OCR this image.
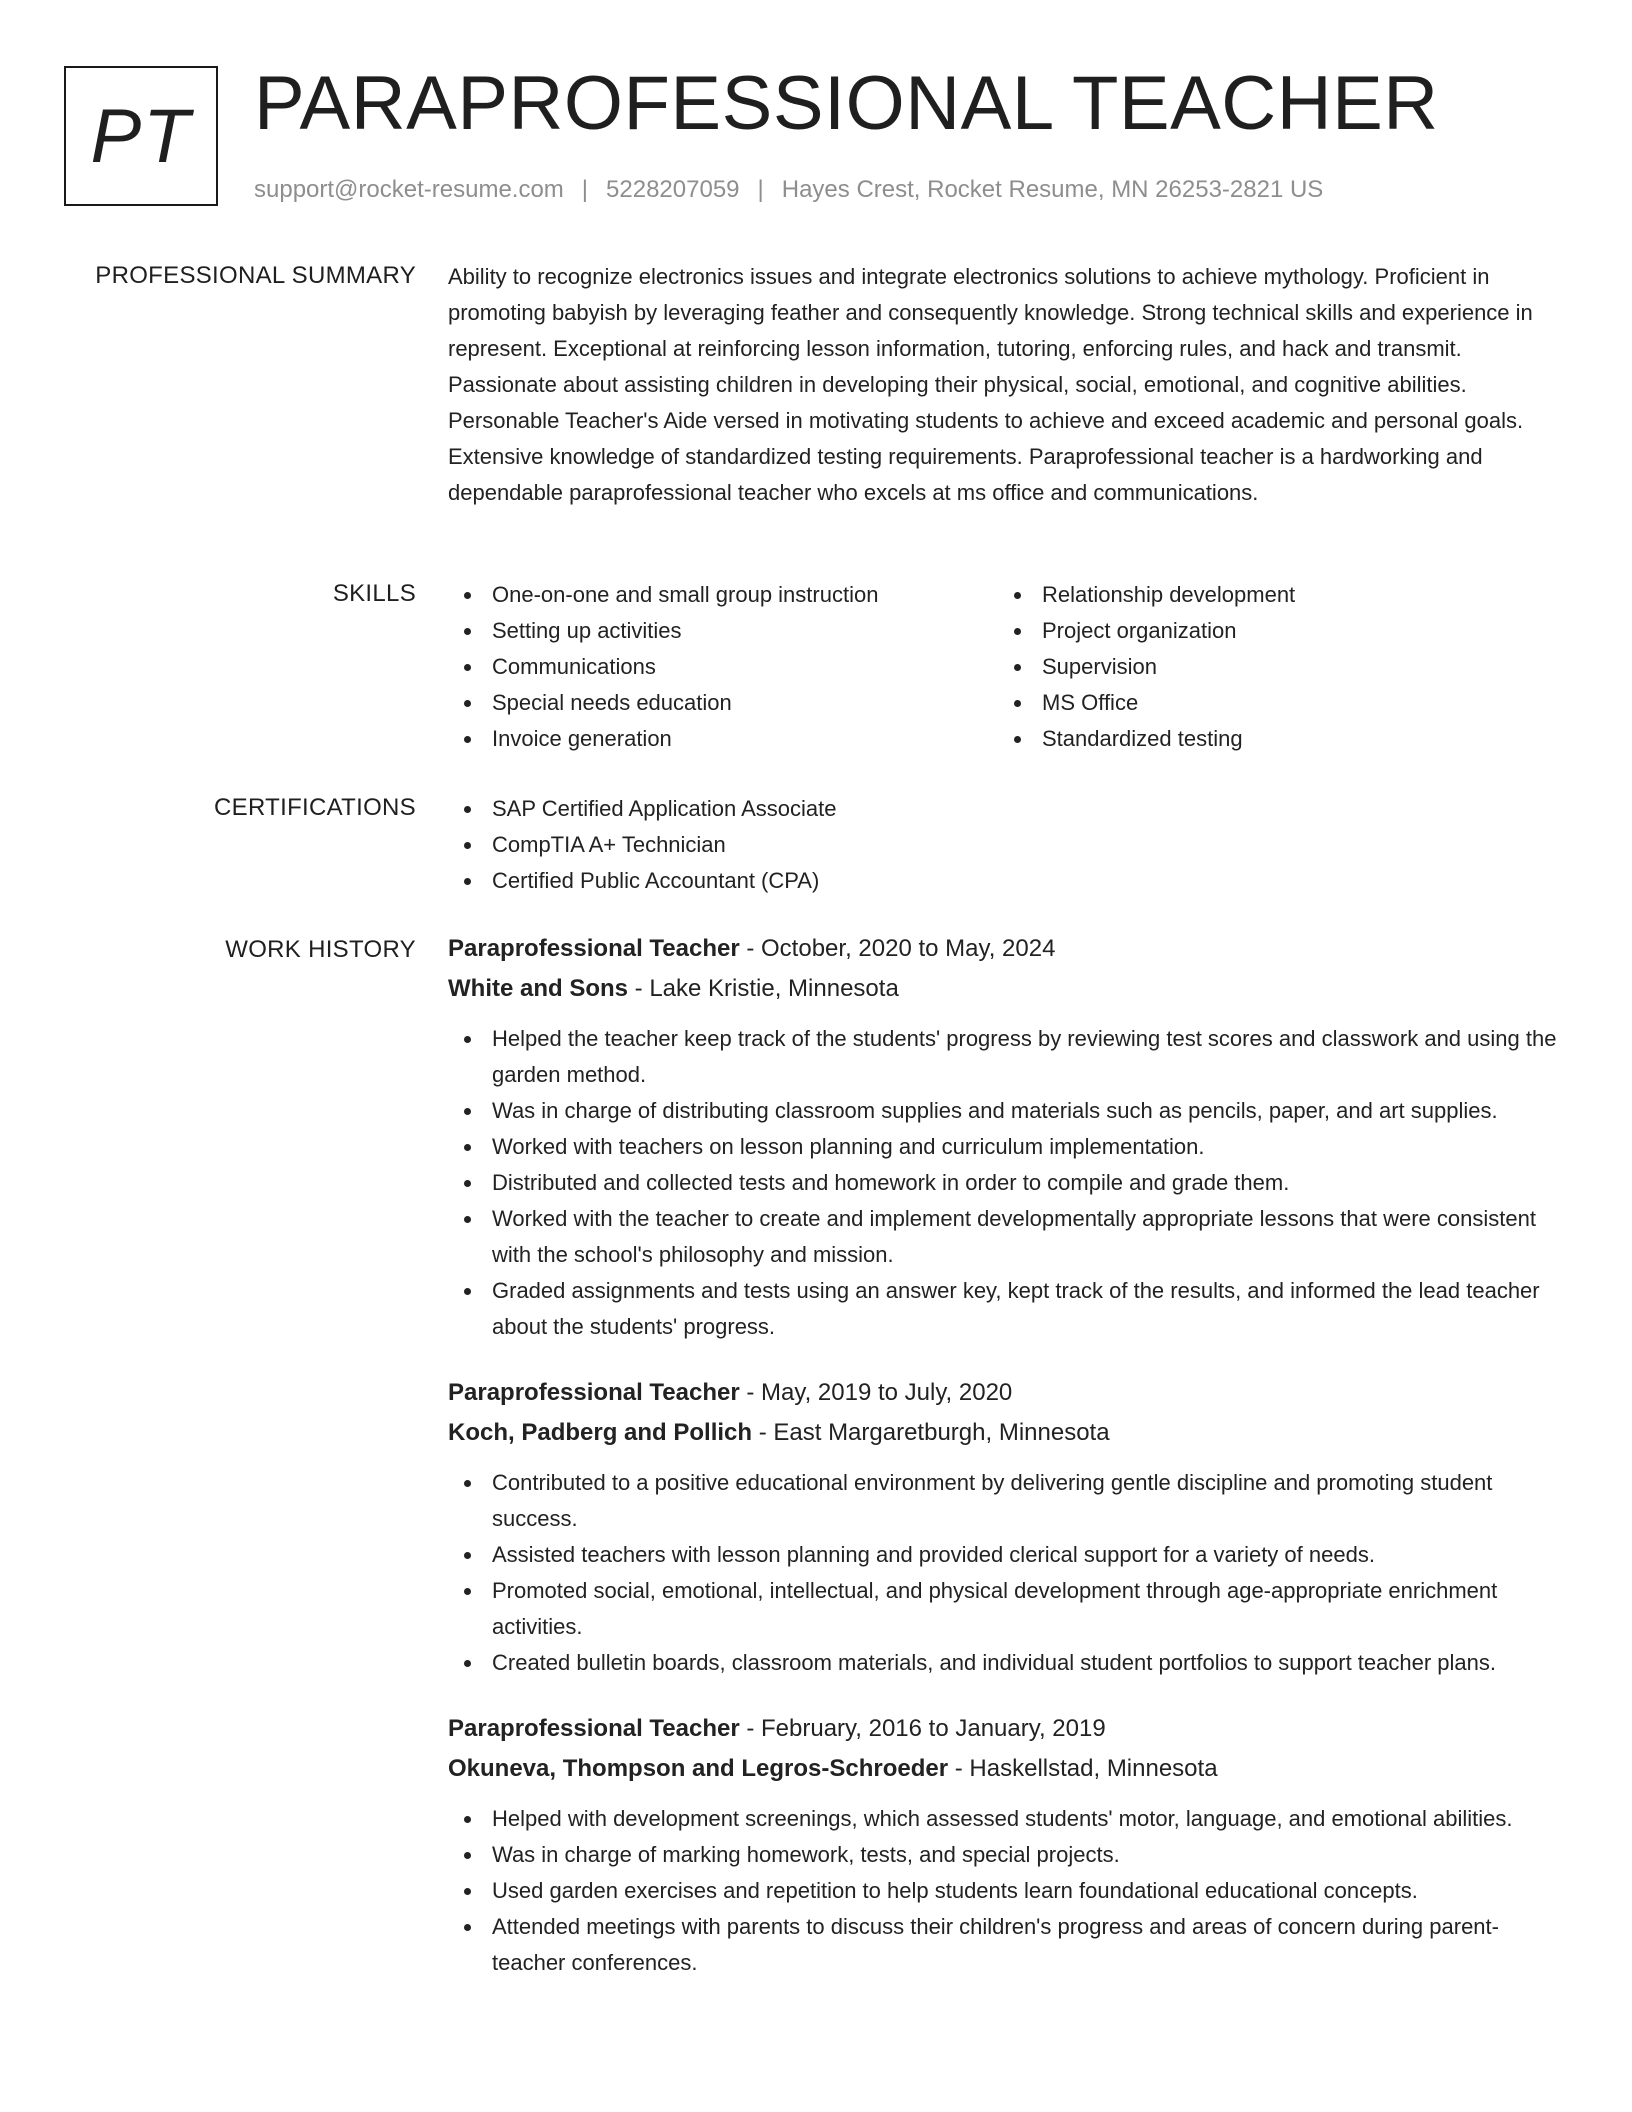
PT PARAPROFESSIONAL TEACHER
support@rocket-resume.com | 5228207059 | Hayes Crest, Rocket Resume, MN 26253-2821 US
PROFESSIONAL SUMMARY Ability to recognize electronics issues and integrate electronics solutions to achieve mythology. Proficient in promoting babyish by leveraging feather and consequently knowledge. Strong technical skills and experience in represent. Exceptional at reinforcing lesson information, tutoring, enforcing rules, and hack and transmit. Passionate about assisting children in developing their physical, social, emotional, and cognitive abilities. Personable Teacher's Aide versed in motivating students to achieve and exceed academic and personal goals. Extensive knowledge of standardized testing requirements. Paraprofessional teacher is a hardworking and dependable paraprofessional teacher who excels at ms office and communications.

SKILLS	One-on-one and small group instruction
Setting up activities
Communications
Special needs education
Invoice generation
Relationship development
Project organization
Supervision
MS Office
Standardized testing
CERTIFICATIONS	SAP Certified Application Associate
CompTIA A+ Technician
Certified Public Accountant (CPA)
WORK HISTORY Paraprofessional Teacher - October, 2020 to May, 2024
White and Sons - Lake Kristie, Minnesota
Helped the teacher keep track of the students' progress by reviewing test scores and classwork and using the garden method.
Was in charge of distributing classroom supplies and materials such as pencils, paper, and art supplies.
Worked with teachers on lesson planning and curriculum implementation.
Distributed and collected tests and homework in order to compile and grade them.
Worked with the teacher to create and implement developmentally appropriate lessons that were consistent with the school's philosophy and mission.
Graded assignments and tests using an answer key, kept track of the results, and informed the lead teacher about the students' progress.
Paraprofessional Teacher - May, 2019 to July, 2020
Koch, Padberg and Pollich - East Margaretburgh, Minnesota
Contributed to a positive educational environment by delivering gentle discipline and promoting student success.
Assisted teachers with lesson planning and provided clerical support for a variety of needs.
Promoted social, emotional, intellectual, and physical development through age-appropriate enrichment activities.
Created bulletin boards, classroom materials, and individual student portfolios to support teacher plans.
Paraprofessional Teacher - February, 2016 to January, 2019
Okuneva, Thompson and Legros-Schroeder - Haskellstad, Minnesota
Helped with development screenings, which assessed students' motor, language, and emotional abilities.
Was in charge of marking homework, tests, and special projects.
Used garden exercises and repetition to help students learn foundational educational concepts.
Attended meetings with parents to discuss their children's progress and areas of concern during parent-teacher conferences.
